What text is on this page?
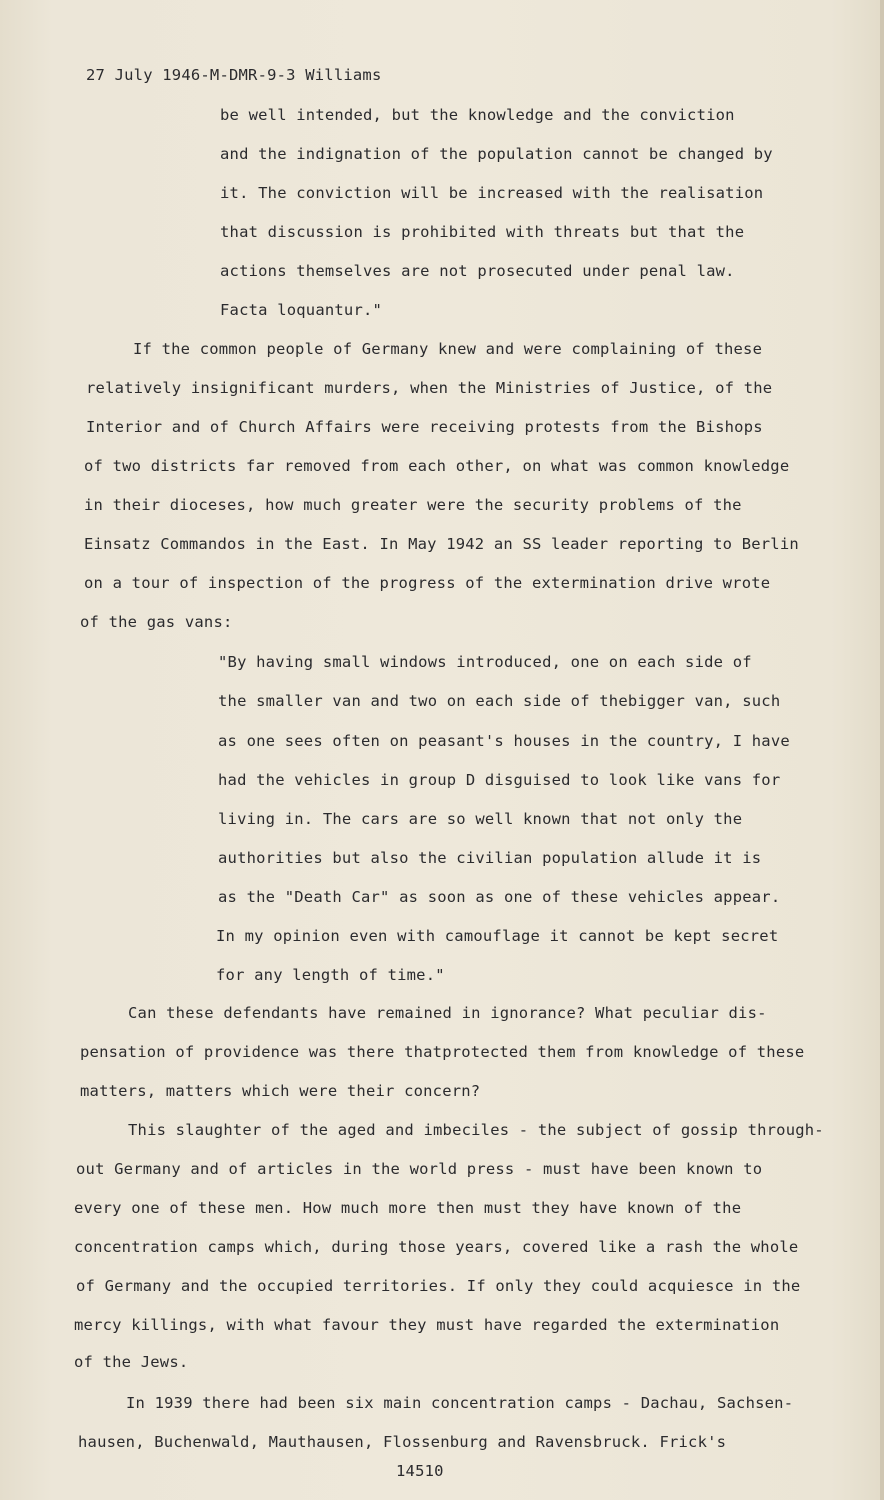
27 July 1946-M-DMR-9-3 Williams
be well intended, but the knowledge and the conviction
and the indignation of the population cannot be changed by
it. The conviction will be increased with the realisation
that discussion is prohibited with threats but that the
actions themselves are not prosecuted under penal law.
Facta loquantur."
If the common people of Germany knew and were complaining of these
relatively insignificant murders, when the Ministries of Justice, of the
Interior and of Church Affairs were receiving protests from the Bishops
of two districts far removed from each other, on what was common knowledge
in their dioceses, how much greater were the security problems of the
Einsatz Commandos in the East. In May 1942 an SS leader reporting to Berlin
on a tour of inspection of the progress of the extermination drive wrote
of the gas vans:
"By having small windows introduced, one on each side of
the smaller van and two on each side of thebigger van, such
as one sees often on peasant's houses in the country, I have
had the vehicles in group D disguised to look like vans for
living in. The cars are so well known that not only the
authorities but also the civilian population allude it is
as the "Death Car" as soon as one of these vehicles appear.
In my opinion even with camouflage it cannot be kept secret
for any length of time."
Can these defendants have remained in ignorance? What peculiar dis-
pensation of providence was there thatprotected them from knowledge of these
matters, matters which were their concern?
This slaughter of the aged and imbeciles - the subject of gossip through-
out Germany and of articles in the world press - must have been known to
every one of these men. How much more then must they have known of the
concentration camps which, during those years, covered like a rash the whole
of Germany and the occupied territories. If only they could acquiesce in the
mercy killings, with what favour they must have regarded the extermination
of the Jews.
In 1939 there had been six main concentration camps - Dachau, Sachsen-
hausen, Buchenwald, Mauthausen, Flossenburg and Ravensbruck. Frick's
14510
